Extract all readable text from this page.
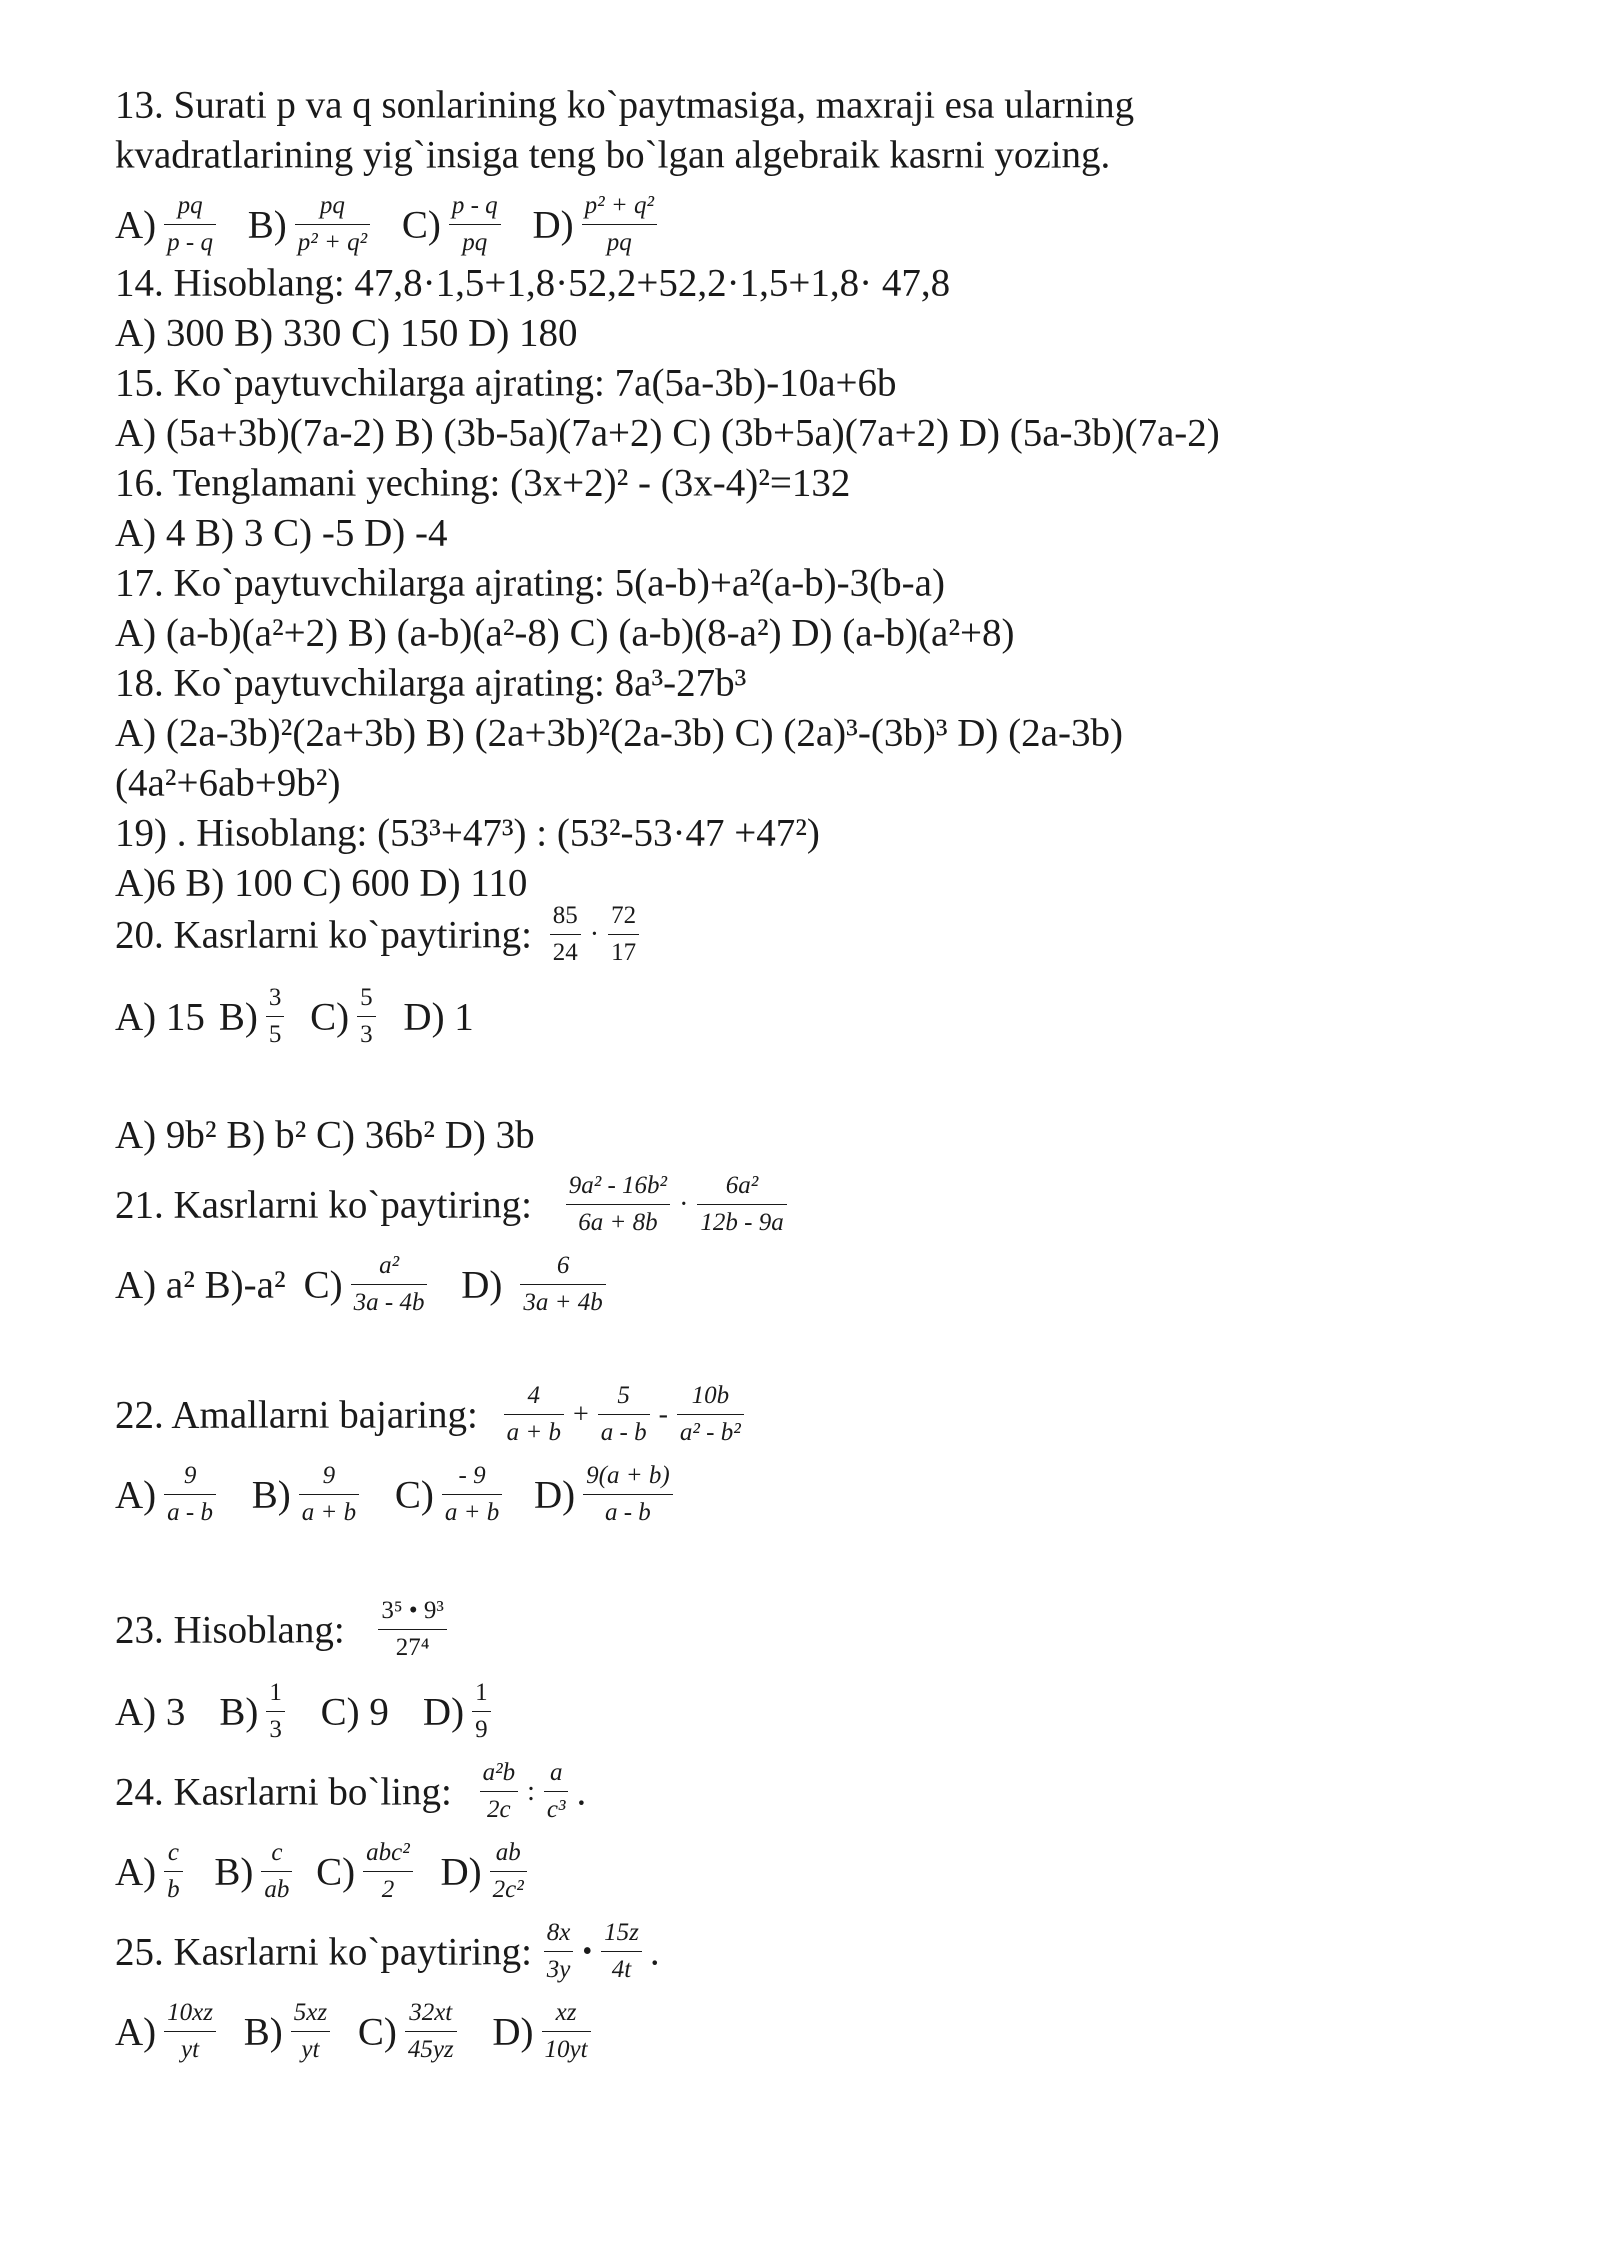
13. Surati p va q sonlarining ko`paytmasiga, maxraji esa ularning
kvadratlarining yig`insiga teng bo`lgan algebraik kasrni yozing.
$A) \frac{pq}{p - q} B) \frac{pq}{\text{p² + q²}} C) \frac{p - q}{pq} D) \frac{\text{p² + q²}}{pq}$
14. Hisoblang: 47,8·1,5+1,8·52,2+52,2·1,5+1,8· 47,8
A) 300 B) 330 C) 150 D) 180
15. Ko`paytuvchilarga ajrating: 7a(5a-3b)-10a+6b
A) (5a+3b)(7a-2) B) (3b-5a)(7a+2) C) (3b+5a)(7a+2) D) (5a-3b)(7a-2)
16. Tenglamani yeching: (3x+2)² - (3x-4)²=132
A) 4 B) 3 C) -5 D) -4
17. Ko`paytuvchilarga ajrating: 5(a-b)+a²(a-b)-3(b-a)
A) (a-b)(a²+2) B) (a-b)(a²-8) C) (a-b)(8-a²) D) (a-b)(a²+8)
18. Ko`paytuvchilarga ajrating: 8a³-27b³
A) (2a-3b)²(2a+3b) B) (2a+3b)²(2a-3b) C) (2a)³-(3b)³ D) (2a-3b)
(4a²+6ab+9b²)
19) . Hisoblang: (53³+47³) : (53²-53·47 +47²)
A)6 B) 100 C) 600 D) 110
20. Kasrlarni ko`paytiring: $\frac{85}{24} \cdot \frac{72}{17}$
A) 15 $B) \frac{3}{5} C) \frac{5}{3} D$) 1
A) 9b² B) b² C) 36b² D) 3b
21. Kasrlarni ko`paytiring: $\frac{\text{9a² - 16b²}}{6a + 8b} \cdot \frac{\text{6a²}}{12b - 9a}$
A) a² B)-a² $C) \frac{\text{a²}}{3a - 4b} D) \frac{6}{3a + 4b}$
22. Amallarni bajaring: $\frac{4}{a + b} + \frac{5}{a - b} - \frac{10b}{\text{a² - b²}}$
$A) \frac{9}{a - b} B) \frac{9}{a + b} C) \frac{- 9}{a + b} D) \frac{9(a + b)}{a - b}$
23. Hisoblang: $\frac{\text{3⁵ • 9³}}{\text{27⁴}}$
A) 3 $B) \frac{1}{3} C$) 9 $D) \frac{1}{9}$
24. Kasrlarni bo`ling: $\frac{\text{a²b}}{2c}$ : $\frac{a}{\text{c³}}$ .
$A) \frac{c}{b} B) \frac{c}{ab} C$) abc²
2	$D) \frac{ab}{\text{2c²}}$
25. Kasrlarni ko`paytiring: $\frac{8x}{3y}$ • $\frac{15z}{4t}$ .
$A) \frac{10xz}{yt} B) \frac{5xz}{yt} C) \frac{32xt}{45yz} D) \frac{xz}{10yt}$
